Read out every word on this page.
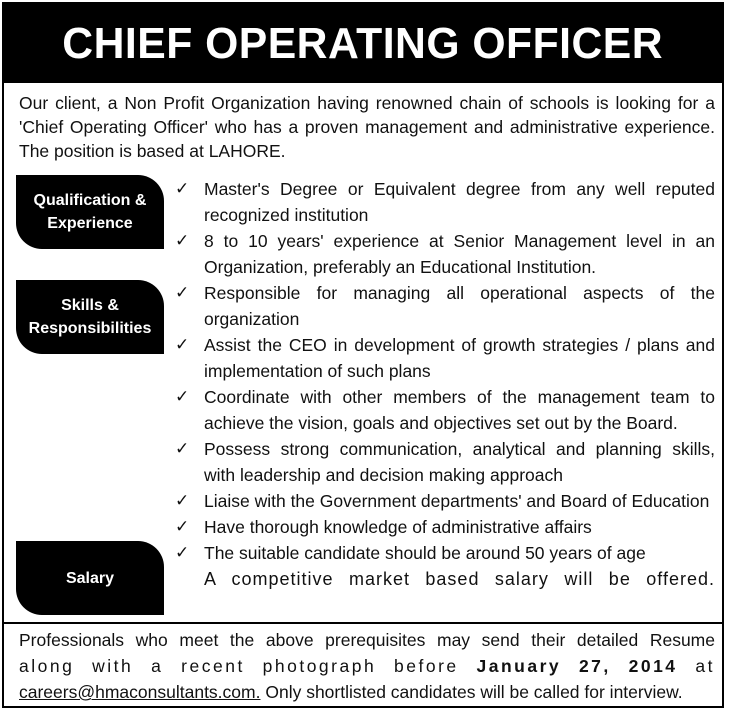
CHIEF OPERATING OFFICER
Our client, a Non Profit Organization having renowned chain of schools is looking for a 'Chief Operating Officer' who has a proven management and administrative experience. The position is based at LAHORE.
Qualification &
Experience
Skills &
Responsibilities
Salary
✓ Master's Degree or Equivalent degree from any well reputed recognized institution
✓ 8 to 10 years' experience at Senior Management level in an Organization, preferably an Educational Institution.
✓ Responsible for managing all operational aspects of the organization
✓ Assist the CEO in development of growth strategies / plans and implementation of such plans
✓ Coordinate with other members of the management team to achieve the vision, goals and objectives set out by the Board.
✓ Possess strong communication, analytical and planning skills, with leadership and decision making approach
✓ Liaise with the Government departments' and Board of Education
✓ Have thorough knowledge of administrative affairs
✓ The suitable candidate should be around 50 years of age
A competitive market based salary will be offered.
Professionals who meet the above prerequisites may send their detailed Resume
along with a recent photograph before January 27, 2014 at
careers@hmaconsultants.com. Only shortlisted candidates will be called for interview.
